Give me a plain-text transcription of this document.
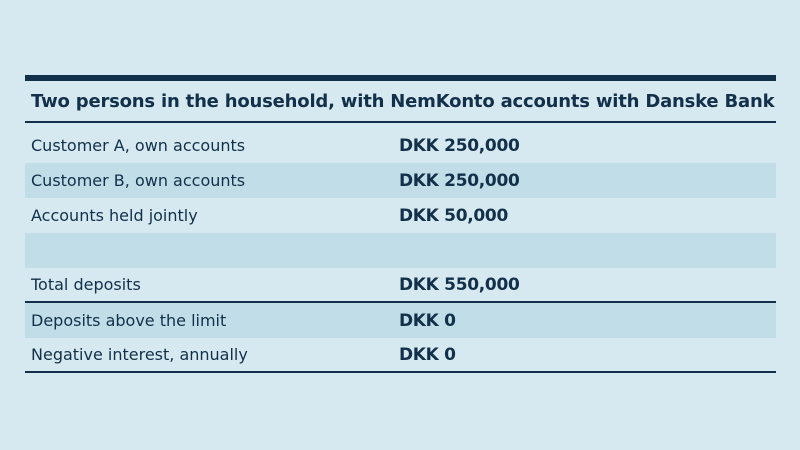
Two persons in the household, with NemKonto accounts with Danske Bank
Customer A, own accounts	DKK 250,000
Customer B, own accounts	DKK 250,000
Accounts held jointly	DKK 50,000
Total deposits	DKK 550,000
Deposits above the limit	DKK 0
Negative interest, annually	DKK 0
